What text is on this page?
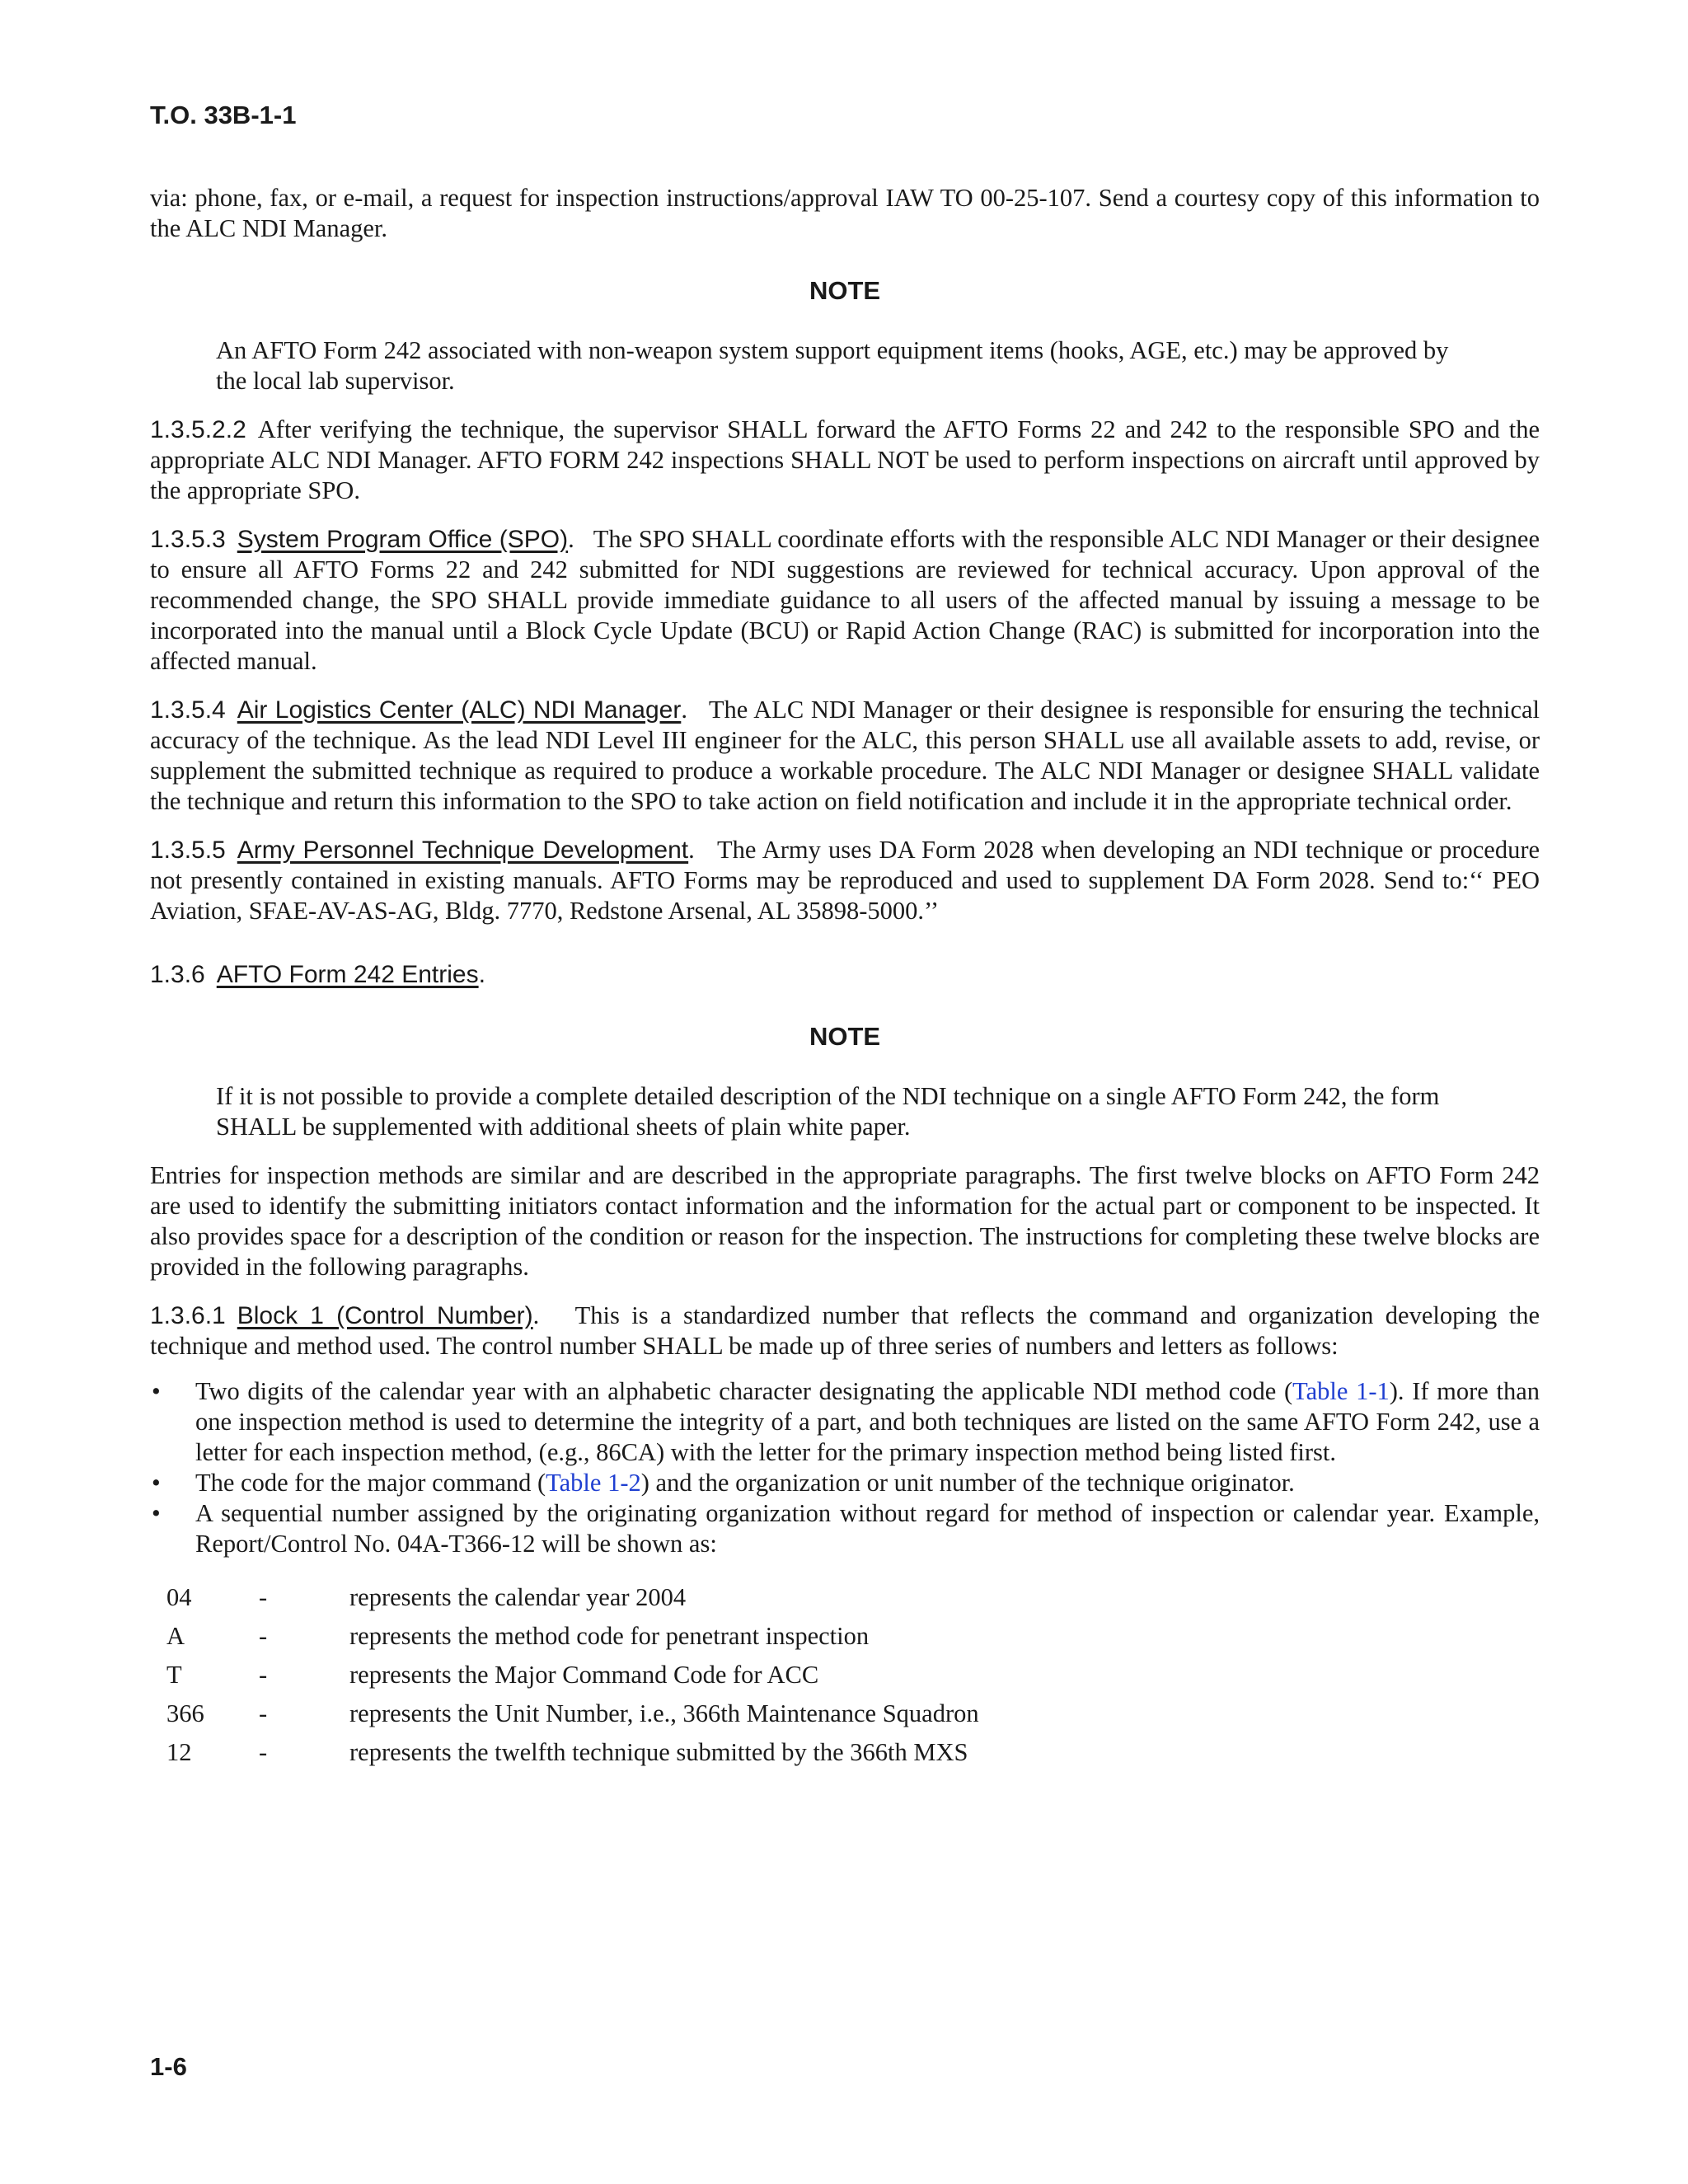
T.O. 33B-1-1

via: phone, fax, or e-mail, a request for inspection instructions/approval IAW TO 00-25-107. Send a courtesy copy of this information to the ALC NDI Manager.

NOTE

An AFTO Form 242 associated with non-weapon system support equipment items (hooks, AGE, etc.) may be approved by the local lab supervisor.

1.3.5.2.2 After verifying the technique, the supervisor SHALL forward the AFTO Forms 22 and 242 to the responsible SPO and the appropriate ALC NDI Manager. AFTO FORM 242 inspections SHALL NOT be used to perform inspections on aircraft until approved by the appropriate SPO.

1.3.5.3 System Program Office (SPO).   The SPO SHALL coordinate efforts with the responsible ALC NDI Manager or their designee to ensure all AFTO Forms 22 and 242 submitted for NDI suggestions are reviewed for technical accuracy. Upon approval of the recommended change, the SPO SHALL provide immediate guidance to all users of the affected manual by issuing a message to be incorporated into the manual until a Block Cycle Update (BCU) or Rapid Action Change (RAC) is submitted for incorporation into the affected manual.

1.3.5.4 Air Logistics Center (ALC) NDI Manager.   The ALC NDI Manager or their designee is responsible for ensuring the technical accuracy of the technique. As the lead NDI Level III engineer for the ALC, this person SHALL use all available assets to add, revise, or supplement the submitted technique as required to produce a workable procedure. The ALC NDI Manager or designee SHALL validate the technique and return this information to the SPO to take action on field notification and include it in the appropriate technical order.

1.3.5.5 Army Personnel Technique Development.   The Army uses DA Form 2028 when developing an NDI technique or procedure not presently contained in existing manuals. AFTO Forms may be reproduced and used to supplement DA Form 2028. Send to:‘‘ PEO Aviation, SFAE-AV-AS-AG, Bldg. 7770, Redstone Arsenal, AL 35898-5000.’’

1.3.6 AFTO Form 242 Entries.

NOTE

If it is not possible to provide a complete detailed description of the NDI technique on a single AFTO Form 242, the form SHALL be supplemented with additional sheets of plain white paper.

Entries for inspection methods are similar and are described in the appropriate paragraphs. The first twelve blocks on AFTO Form 242 are used to identify the submitting initiators contact information and the information for the actual part or component to be inspected. It also provides space for a description of the condition or reason for the inspection. The instructions for completing these twelve blocks are provided in the following paragraphs.

1.3.6.1 Block 1 (Control Number).   This is a standardized number that reflects the command and organization developing the technique and method used. The control number SHALL be made up of three series of numbers and letters as follows:

• Two digits of the calendar year with an alphabetic character designating the applicable NDI method code (Table 1-1). If more than one inspection method is used to determine the integrity of a part, and both techniques are listed on the same AFTO Form 242, use a letter for each inspection method, (e.g., 86CA) with the letter for the primary inspection method being listed first.
• The code for the major command (Table 1-2) and the organization or unit number of the technique originator.
• A sequential number assigned by the originating organization without regard for method of inspection or calendar year. Example, Report/Control No. 04A-T366-12 will be shown as:
04	-	represents the calendar year 2004
A	-	represents the method code for penetrant inspection
T	-	represents the Major Command Code for ACC
366	-	represents the Unit Number, i.e., 366th Maintenance Squadron
12	-	represents the twelfth technique submitted by the 366th MXS
1-6
